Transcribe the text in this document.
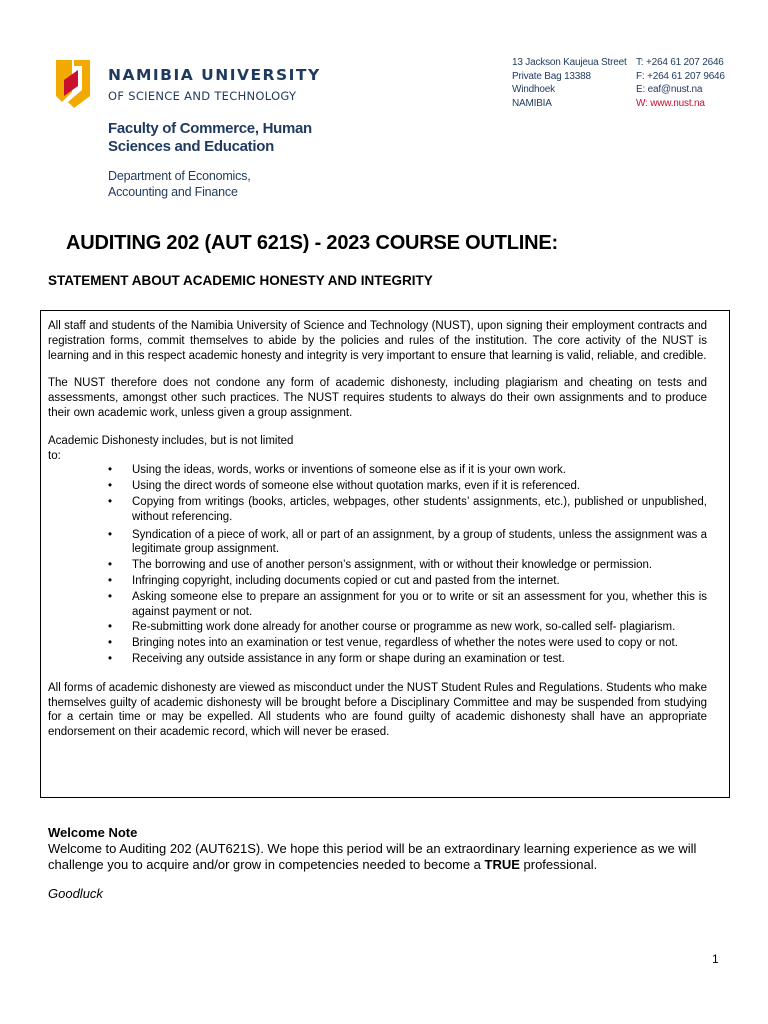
NAMIBIA UNIVERSITY
OF SCIENCE AND TECHNOLOGY
Faculty of Commerce, Human
Sciences and Education
Department of Economics,
Accounting and Finance
13 Jackson Kaujeua Street
Private Bag 13388
Windhoek
NAMIBIA
T: +264 61 207 2646
F: +264 61 207 9646
E: eaf@nust.na
W: www.nust.na
AUDITING 202 (AUT 621S) - 2023 COURSE OUTLINE:
STATEMENT ABOUT ACADEMIC HONESTY AND INTEGRITY

All staff and students of the Namibia University of Science and Technology (NUST), upon signing their employment contracts and registration forms, commit themselves to abide by the policies and rules of the institution. The core activity of the NUST is learning and in this respect academic honesty and integrity is very important to ensure that learning is valid, reliable, and credible.

The NUST therefore does not condone any form of academic dishonesty, including plagiarism and cheating on tests and assessments, amongst other such practices. The NUST requires students to always do their own assignments and to produce their own academic work, unless given a group assignment.

Academic Dishonesty includes, but is not limited
to:

• Using the ideas, words, works or inventions of someone else as if it is your own work.
• Using the direct words of someone else without quotation marks, even if it is referenced.
• Copying from writings (books, articles, webpages, other students’ assignments, etc.), published or unpublished, without referencing.
• Syndication of a piece of work, all or part of an assignment, by a group of students, unless the assignment was a legitimate group assignment.
• The borrowing and use of another person’s assignment, with or without their knowledge or permission.
• Infringing copyright, including documents copied or cut and pasted from the internet.
• Asking someone else to prepare an assignment for you or to write or sit an assessment for you, whether this is against payment or not.
• Re-submitting work done already for another course or programme as new work, so-called self- plagiarism.
• Bringing notes into an examination or test venue, regardless of whether the notes were used to copy or not.
• Receiving any outside assistance in any form or shape during an examination or test.

All forms of academic dishonesty are viewed as misconduct under the NUST Student Rules and Regulations. Students who make themselves guilty of academic dishonesty will be brought before a Disciplinary Committee and may be suspended from studying for a certain time or may be expelled. All students who are found guilty of academic dishonesty shall have an appropriate endorsement on their academic record, which will never be erased.

Welcome Note
Welcome to Auditing 202 (AUT621S). We hope this period will be an extraordinary learning experience as we will challenge you to acquire and/or grow in competencies needed to become a TRUE professional.
Goodluck
1
